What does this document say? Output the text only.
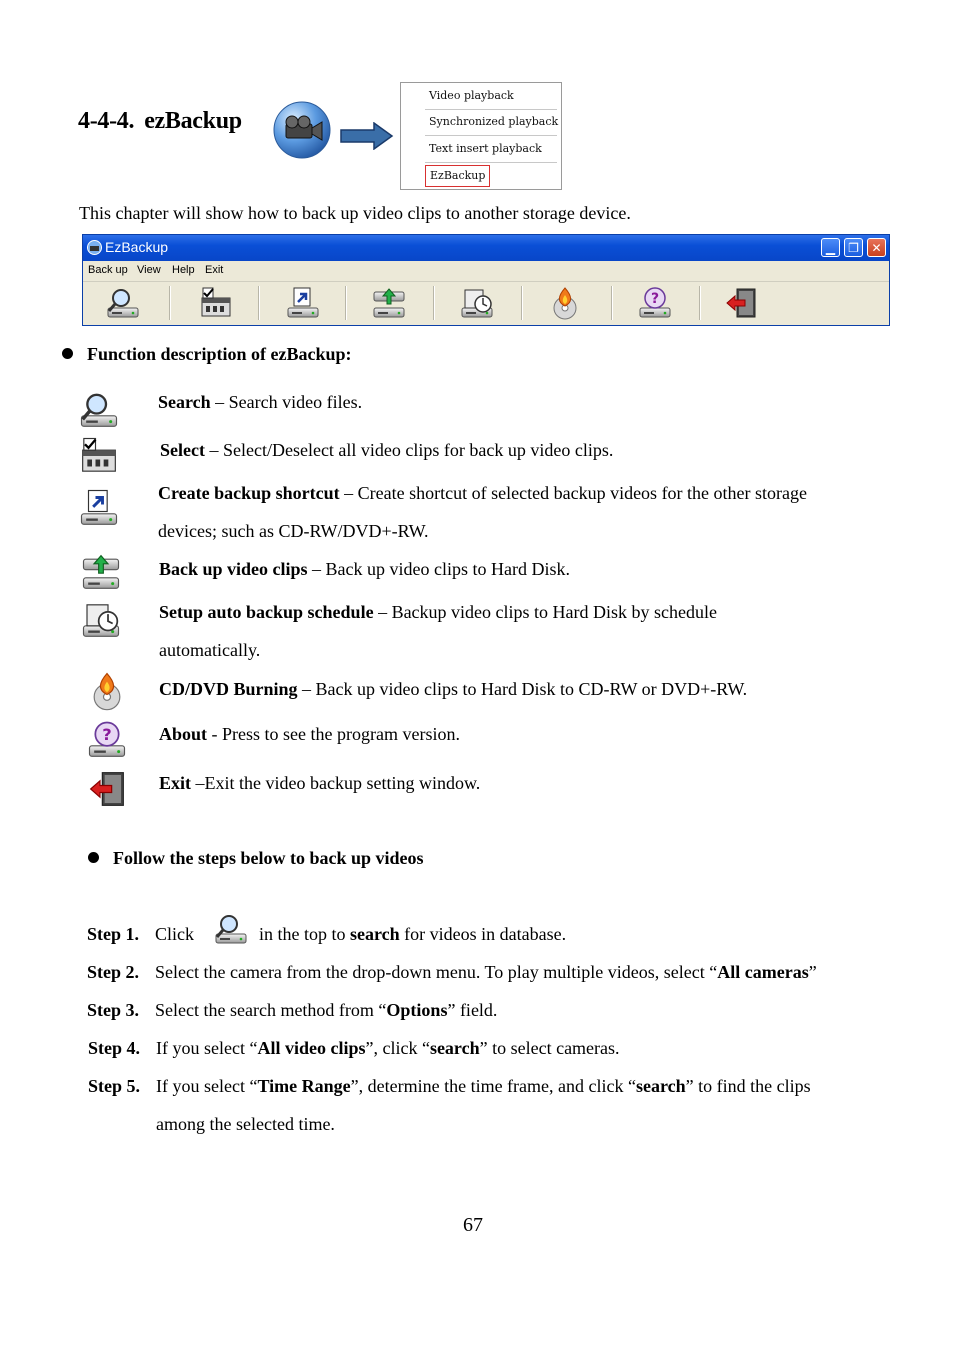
4-4-4. ezBackup
Video playback
Synchronized playback
Text insert playback
EzBackup
This chapter will show how to back up video clips to another storage device.
EzBackup	▁	❐	✕
Back up View Help Exit
Function description of ezBackup:
Search – Search video files.
Select – Select/Deselect all video clips for back up video clips.
Create backup shortcut – Create shortcut of selected backup videos for the other storage
devices; such as CD-RW/DVD+-RW.
Back up video clips – Back up video clips to Hard Disk.
Setup auto backup schedule – Backup video clips to Hard Disk by schedule
automatically.
CD/DVD Burning – Back up video clips to Hard Disk to CD-RW or DVD+-RW.
About - Press to see the program version.
Exit –Exit the video backup setting window.
Follow the steps below to back up videos
Step 1. Click	in the top to search for videos in database.
Step 2. Select the camera from the drop-down menu. To play multiple videos, select “All cameras”
Step 3. Select the search method from “Options” field.
Step 4. If you select “All video clips”, click “search” to select cameras.
Step 5. If you select “Time Range”, determine the time frame, and click “search” to find the clips
among the selected time.
67
